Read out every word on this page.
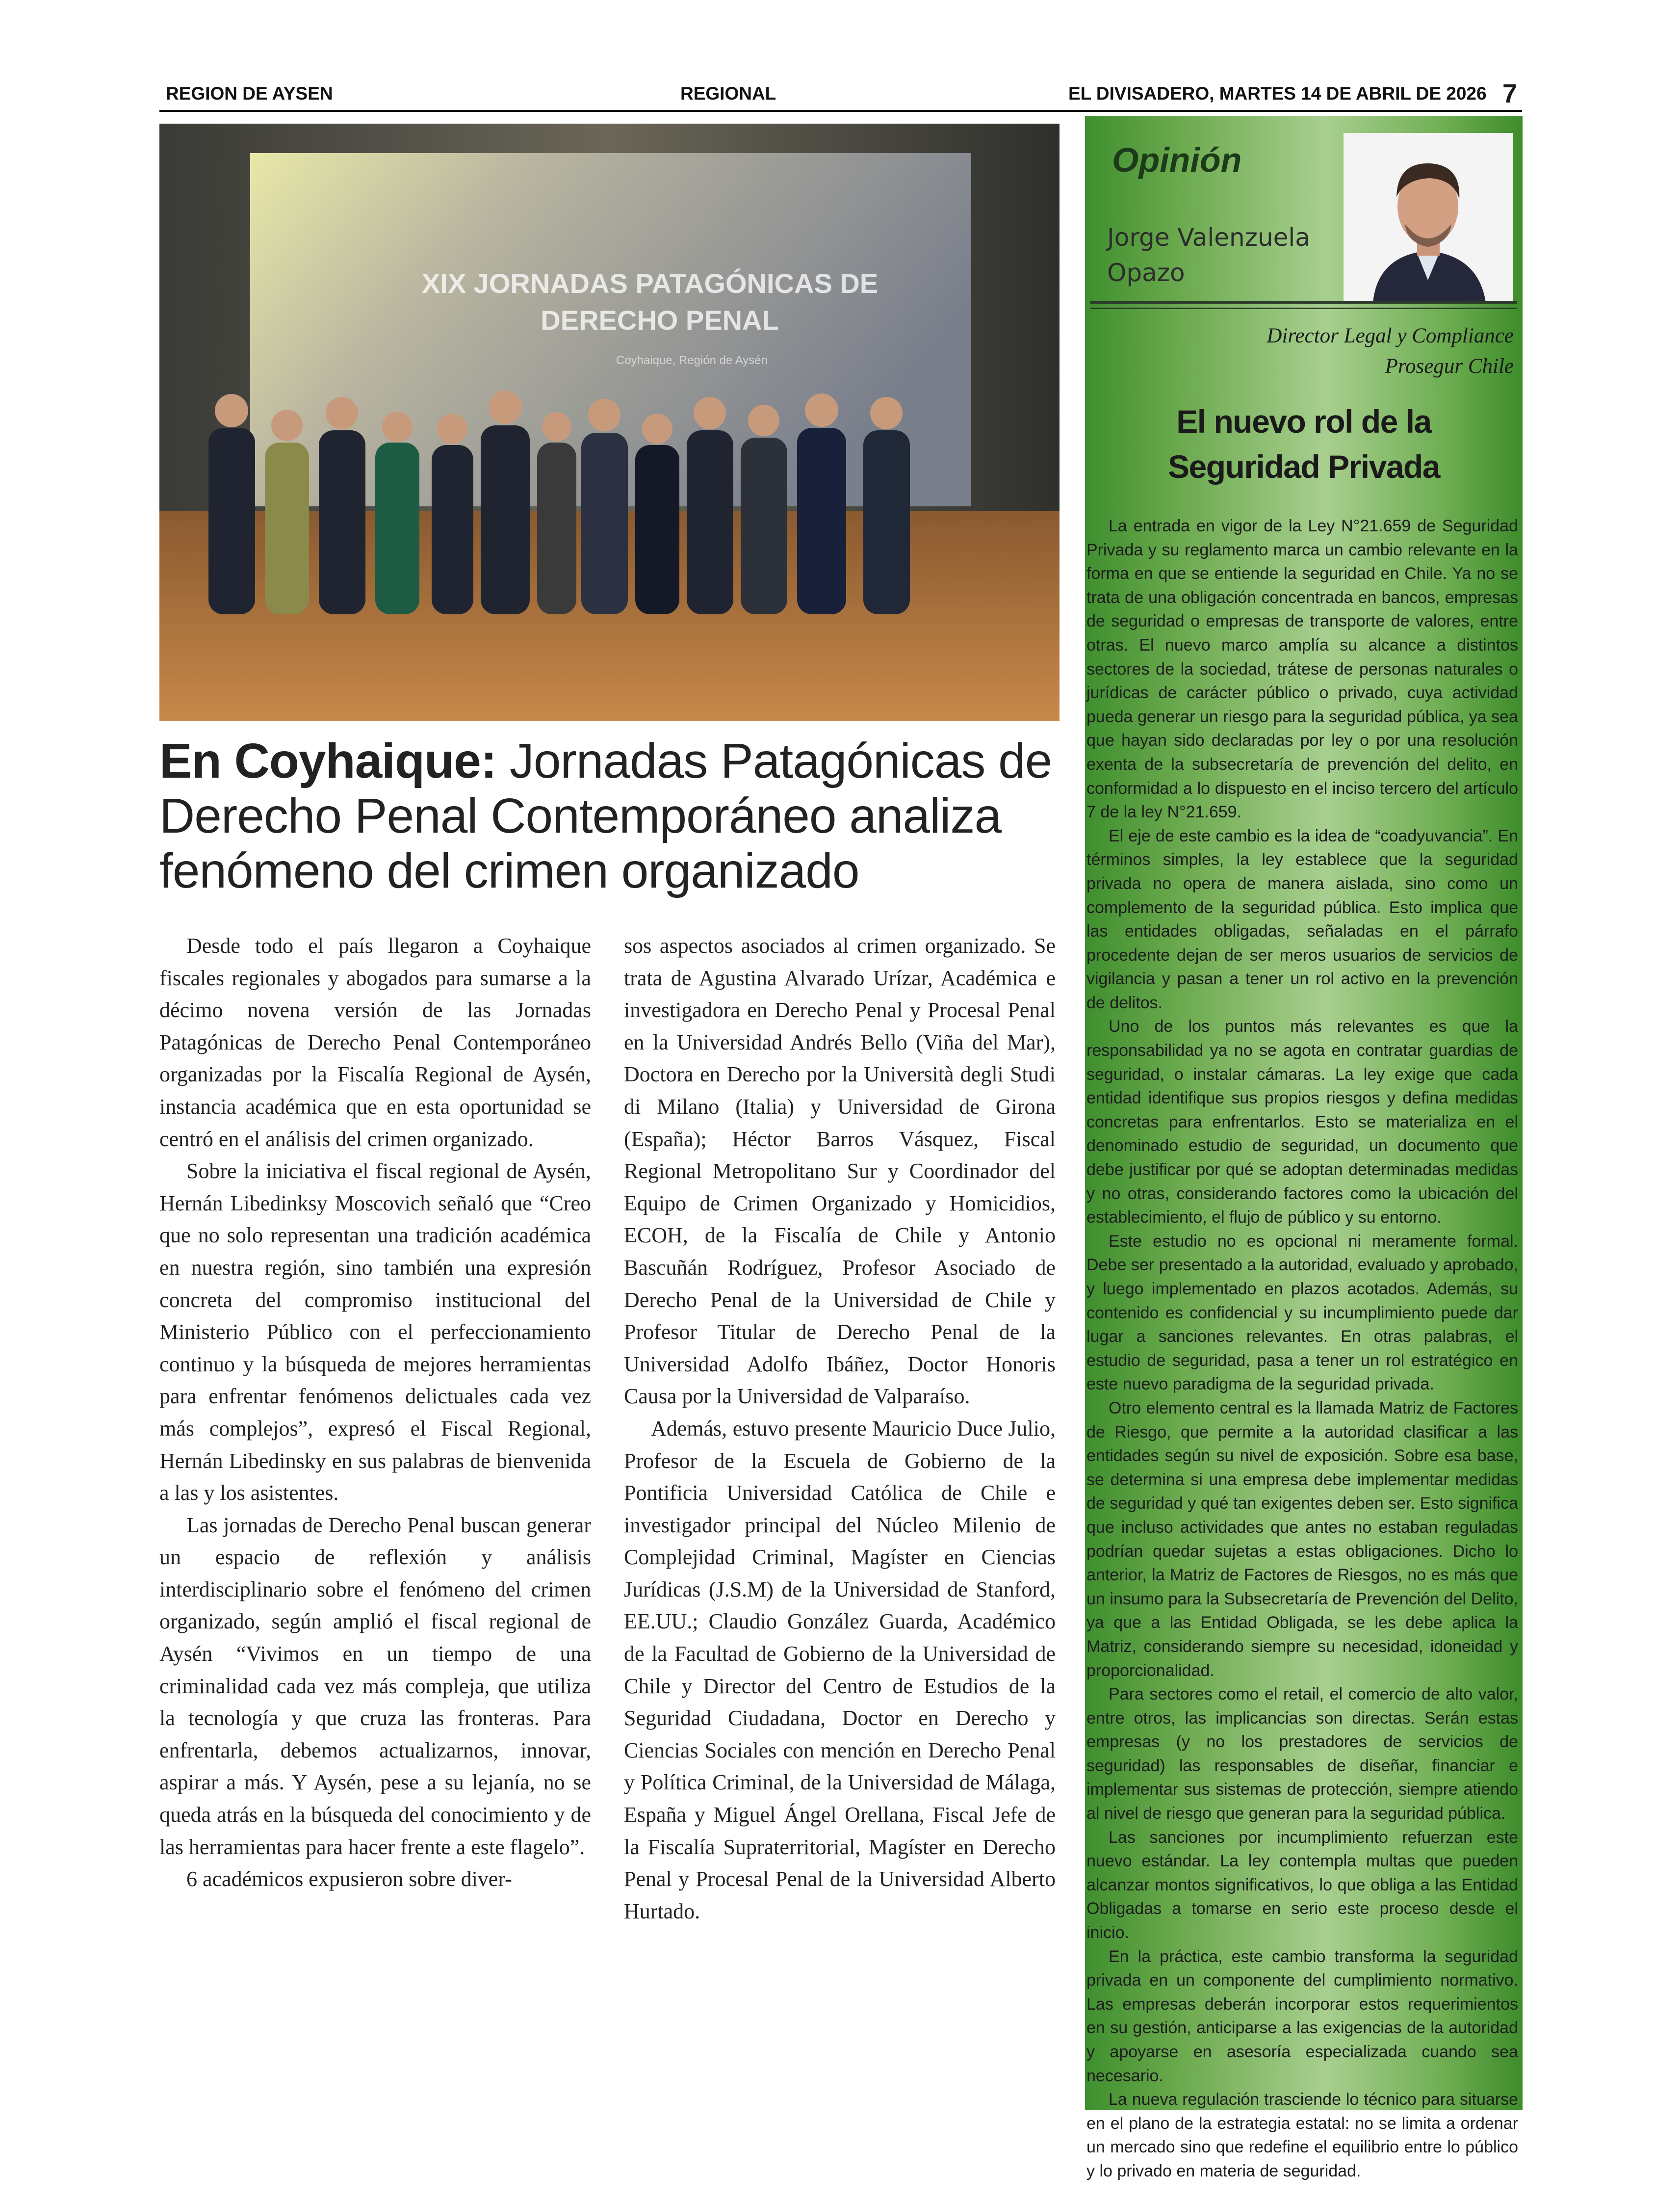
REGION DE AYSEN	REGIONAL	EL DIVISADERO, MARTES 14 DE ABRIL DE 2026 7
XIX JORNADAS PATAGÓNICAS DE
DERECHO PENAL
Coyhaique, Región de Aysén
En Coyhaique: Jornadas Patagónicas de Derecho Penal Contemporáneo analiza fenómeno del crimen organizado

Desde todo el país llegaron a Coyhaique fiscales regionales y abogados para sumarse a la décimo novena versión de las Jornadas Patagónicas de Derecho Penal Contemporáneo organizadas por la Fiscalía Regional de Aysén, instancia académica que en esta oportunidad se centró en el análisis del crimen organizado.

Sobre la iniciativa el fiscal regional de Aysén, Hernán Libedinksy Moscovich señaló que “Creo que no solo representan una tradición académica en nuestra región, sino también una expresión concreta del compromiso institucional del Ministerio Público con el perfeccionamiento continuo y la búsqueda de mejores herramientas para enfrentar fenómenos delictuales cada vez más complejos”, expresó el Fiscal Regional, Hernán Libedinsky en sus palabras de bienvenida a las y los asistentes.

Las jornadas de Derecho Penal buscan generar un espacio de reflexión y análisis interdisciplinario sobre el fenómeno del crimen organizado, según amplió el fiscal regional de Aysén “Vivimos en un tiempo de una criminalidad cada vez más compleja, que utiliza la tecnología y que cruza las fronteras. Para enfrentarla, debemos actualizarnos, innovar, aspirar a más. Y Aysén, pese a su lejanía, no se queda atrás en la búsqueda del conocimiento y de las herramientas para hacer frente a este flagelo”.

6 académicos expusieron sobre diver-

sos aspectos asociados al crimen organizado. Se trata de Agustina Alvarado Urízar, Académica e investigadora en Derecho Penal y Procesal Penal en la Universidad Andrés Bello (Viña del Mar), Doctora en Derecho por la Università degli Studi di Milano (Italia) y Universidad de Girona (España); Héctor Barros Vásquez, Fiscal Regional Metropolitano Sur y Coordinador del Equipo de Crimen Organizado y Homicidios, ECOH, de la Fiscalía de Chile y Antonio Bascuñán Rodríguez, Profesor Asociado de Derecho Penal de la Universidad de Chile y Profesor Titular de Derecho Penal de la Universidad Adolfo Ibáñez, Doctor Honoris Causa por la Universidad de Valparaíso.

Además, estuvo presente Mauricio Duce Julio, Profesor de la Escuela de Gobierno de la Pontificia Universidad Católica de Chile e investigador principal del Núcleo Milenio de Complejidad Criminal, Magíster en Ciencias Jurídicas (J.S.M) de la Universidad de Stanford, EE.UU.; Claudio González Guarda, Académico de la Facultad de Gobierno de la Universidad de Chile y Director del Centro de Estudios de la Seguridad Ciudadana, Doctor en Derecho y Ciencias Sociales con mención en Derecho Penal y Política Criminal, de la Universidad de Málaga, España y Miguel Ángel Orellana, Fiscal Jefe de la Fiscalía Supraterritorial, Magíster en Derecho Penal y Procesal Penal de la Universidad Alberto Hurtado.

Opinión
Jorge Valenzuela
Opazo
Director Legal y Compliance
Prosegur Chile
El nuevo rol de la
Seguridad Privada

La entrada en vigor de la Ley N°21.659 de Seguridad Privada y su reglamento marca un cambio relevante en la forma en que se entiende la seguridad en Chile. Ya no se trata de una obligación concentrada en bancos, empresas de seguridad o empresas de transporte de valores, entre otras. El nuevo marco amplía su alcance a distintos sectores de la sociedad, trátese de personas naturales o jurídicas de carácter público o privado, cuya actividad pueda generar un riesgo para la seguridad pública, ya sea que hayan sido declaradas por ley o por una resolución exenta de la subsecretaría de prevención del delito, en conformidad a lo dispuesto en el inciso tercero del artículo 7 de la ley N°21.659.

El eje de este cambio es la idea de “coadyuvancia”. En términos simples, la ley establece que la seguridad privada no opera de manera aislada, sino como un complemento de la seguridad pública. Esto implica que las entidades obligadas, señaladas en el párrafo procedente dejan de ser meros usuarios de servicios de vigilancia y pasan a tener un rol activo en la prevención de delitos.

Uno de los puntos más relevantes es que la responsabilidad ya no se agota en contratar guardias de seguridad, o instalar cámaras. La ley exige que cada entidad identifique sus propios riesgos y defina medidas concretas para enfrentarlos. Esto se materializa en el denominado estudio de seguridad, un documento que debe justificar por qué se adoptan determinadas medidas y no otras, considerando factores como la ubicación del establecimiento, el flujo de público y su entorno.

Este estudio no es opcional ni meramente formal. Debe ser presentado a la autoridad, evaluado y aprobado, y luego implementado en plazos acotados. Además, su contenido es confidencial y su incumplimiento puede dar lugar a sanciones relevantes. En otras palabras, el estudio de seguridad, pasa a tener un rol estratégico en este nuevo paradigma de la seguridad privada.

Otro elemento central es la llamada Matriz de Factores de Riesgo, que permite a la autoridad clasificar a las entidades según su nivel de exposición. Sobre esa base, se determina si una empresa debe implementar medidas de seguridad y qué tan exigentes deben ser. Esto significa que incluso actividades que antes no estaban reguladas podrían quedar sujetas a estas obligaciones. Dicho lo anterior, la Matriz de Factores de Riesgos, no es más que un insumo para la Subsecretaría de Prevención del Delito, ya que a las Entidad Obligada, se les debe aplica la Matriz, considerando siempre su necesidad, idoneidad y proporcionalidad.

Para sectores como el retail, el comercio de alto valor, entre otros, las implicancias son directas. Serán estas empresas (y no los prestadores de servicios de seguridad) las responsables de diseñar, financiar e implementar sus sistemas de protección, siempre atiendo al nivel de riesgo que generan para la seguridad pública.

Las sanciones por incumplimiento refuerzan este nuevo estándar. La ley contempla multas que pueden alcanzar montos significativos, lo que obliga a las Entidad Obligadas a tomarse en serio este proceso desde el inicio.

En la práctica, este cambio transforma la seguridad privada en un componente del cumplimiento normativo. Las empresas deberán incorporar estos requerimientos en su gestión, anticiparse a las exigencias de la autoridad y apoyarse en asesoría especializada cuando sea necesario.

La nueva regulación trasciende lo técnico para situarse en el plano de la estrategia estatal: no se limita a ordenar un mercado sino que redefine el equilibrio entre lo público y lo privado en materia de seguridad.
